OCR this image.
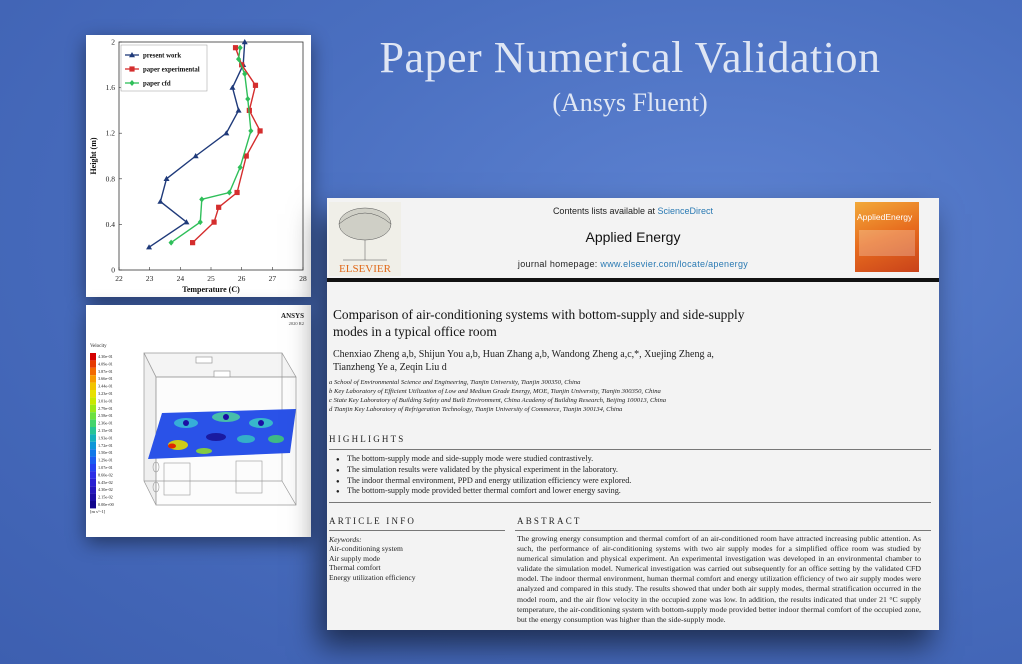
Paper Numerical Validation
(Ansys Fluent)
22	23	24	25	26	27	28
0
0.4
0.8
1.2
1.6
2
Temperature (C)
Height (m)
present work
paper experimental
paper cfd
ANSYS
2020 R2
Velocity
4.30e-01
4.09e-01
3.87e-01
3.66e-01
3.44e-01
3.23e-01
3.01e-01
2.79e-01
2.58e-01
2.36e-01
2.15e-01
1.93e-01
1.72e-01
1.50e-01
1.29e-01
1.07e-01
8.60e-02
6.45e-02
4.30e-02
2.15e-02
0.00e+00
[m s^-1]
ELSEVIER
Contents lists available at ScienceDirect
Applied Energy
journal homepage: www.elsevier.com/locate/apenergy
AppliedEnergy
Comparison of air-conditioning systems with bottom-supply and side-supply
modes in a typical office room
Chenxiao Zheng a,b, Shijun You a,b, Huan Zhang a,b, Wandong Zheng a,c,*, Xuejing Zheng a,
Tianzheng Ye a, Zeqin Liu d
a School of Environmental Science and Engineering, Tianjin University, Tianjin 300350, China
b Key Laboratory of Efficient Utilization of Low and Medium Grade Energy, MOE, Tianjin University, Tianjin 300350, China
c State Key Laboratory of Building Safety and Built Environment, China Academy of Building Research, Beijing 100013, China
d Tianjin Key Laboratory of Refrigeration Technology, Tianjin University of Commerce, Tianjin 300134, China
HIGHLIGHTS
● The bottom-supply mode and side-supply mode were studied contrastively.
● The simulation results were validated by the physical experiment in the laboratory.
● The indoor thermal environment, PPD and energy utilization efficiency were explored.
● The bottom-supply mode provided better thermal comfort and lower energy saving.
ARTICLE INFO
Keywords:
Air-conditioning system
Air supply mode
Thermal comfort
Energy utilization efficiency
ABSTRACT
The growing energy consumption and thermal comfort of an air-conditioned room have attracted increasing public attention. As such, the performance of air-conditioning systems with two air supply modes for a simplified office room was studied by numerical simulation and physical experiment. An experimental investigation was developed in an environmental chamber to validate the simulation model. Numerical investigation was carried out subsequently for an office setting by the validated CFD model. The indoor thermal environment, human thermal comfort and energy utilization efficiency of two air supply modes were analyzed and compared in this study. The results showed that under both air supply modes, thermal stratification occurred in the model room, and the air flow velocity in the occupied zone was low. In addition, the results indicated that under 21 °C supply temperature, the air-conditioning system with bottom-supply mode provided better indoor thermal comfort of the occupied zone, but the energy consumption was higher than the side-supply mode.
